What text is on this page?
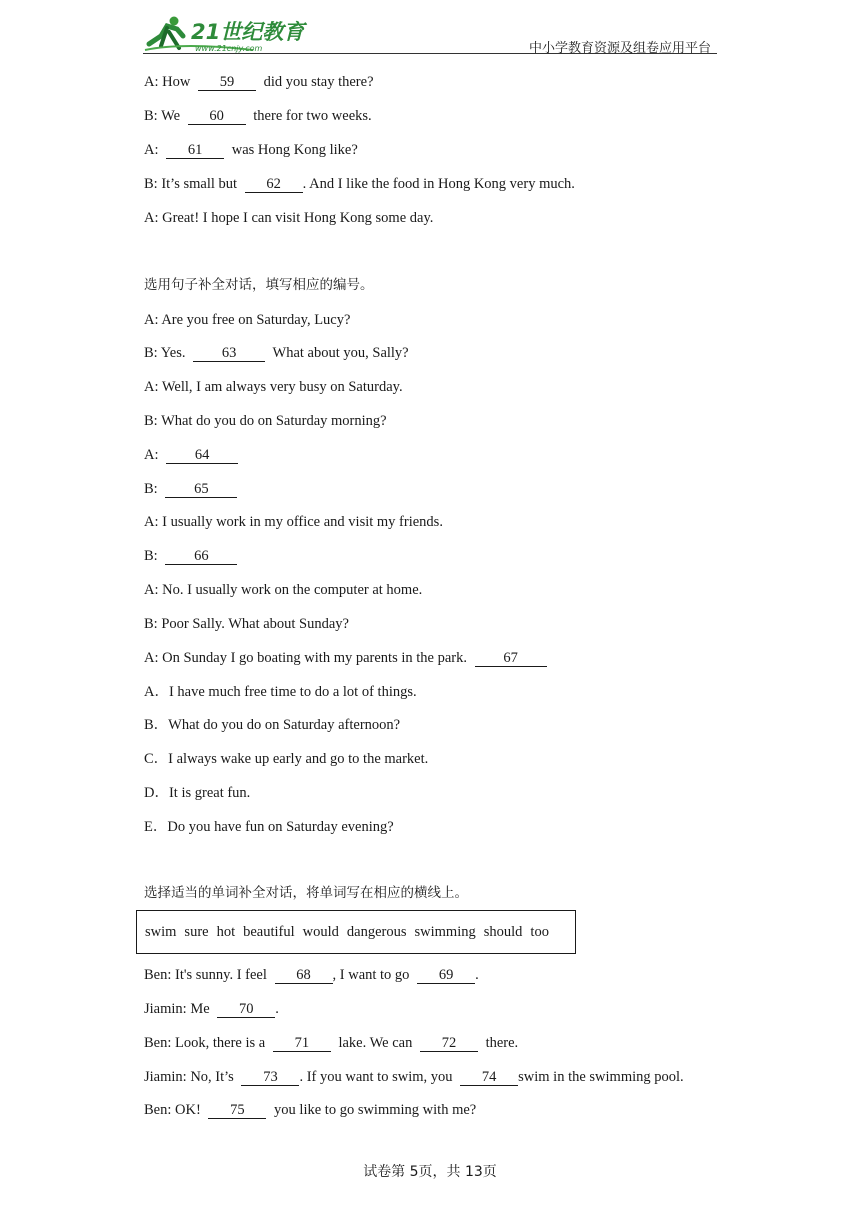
21世纪教育
www.21cnjy.com	中小学教育资源及组卷应用平台
A: How 59 did you stay there?
B: We 60 there for two weeks.
A: 61 was Hong Kong like?
B: It’s small but 62 . And I like the food in Hong Kong very much.
A: Great! I hope I can visit Hong Kong some day.
选用句子补全对话，填写相应的编号。
A: Are you free on Saturday, Lucy?
B: Yes.	63 What about you, Sally?
A: Well, I am always very busy on Saturday.
B: What do you do on Saturday morning?
A:	64
B:	65
A: I usually work in my office and visit my friends.
B:	66
A: No. I usually work on the computer at home.
B: Poor Sally. What about Sunday?
A: On Sunday I go boating with my parents in the park.	67
A．I have much free time to do a lot of things.
B．What do you do on Saturday afternoon?
C．I always wake up early and go to the market.
D．It is great fun.
E．Do you have fun on Saturday evening?
选择适当的单词补全对话，将单词写在相应的横线上。
Ben: It's sunny. I feel 68 , I want to go 69 .
Jiamin: Me 70 .
Ben: Look, there is a 71 lake. We can 72 there.
Jiamin: No, It’s 73 . If you want to swim, you 74 swim in the swimming pool.
Ben: OK! 75 you like to go swimming with me?
swim sure hot beautiful would dangerous swimming should too
试卷第 5页，共 13页
